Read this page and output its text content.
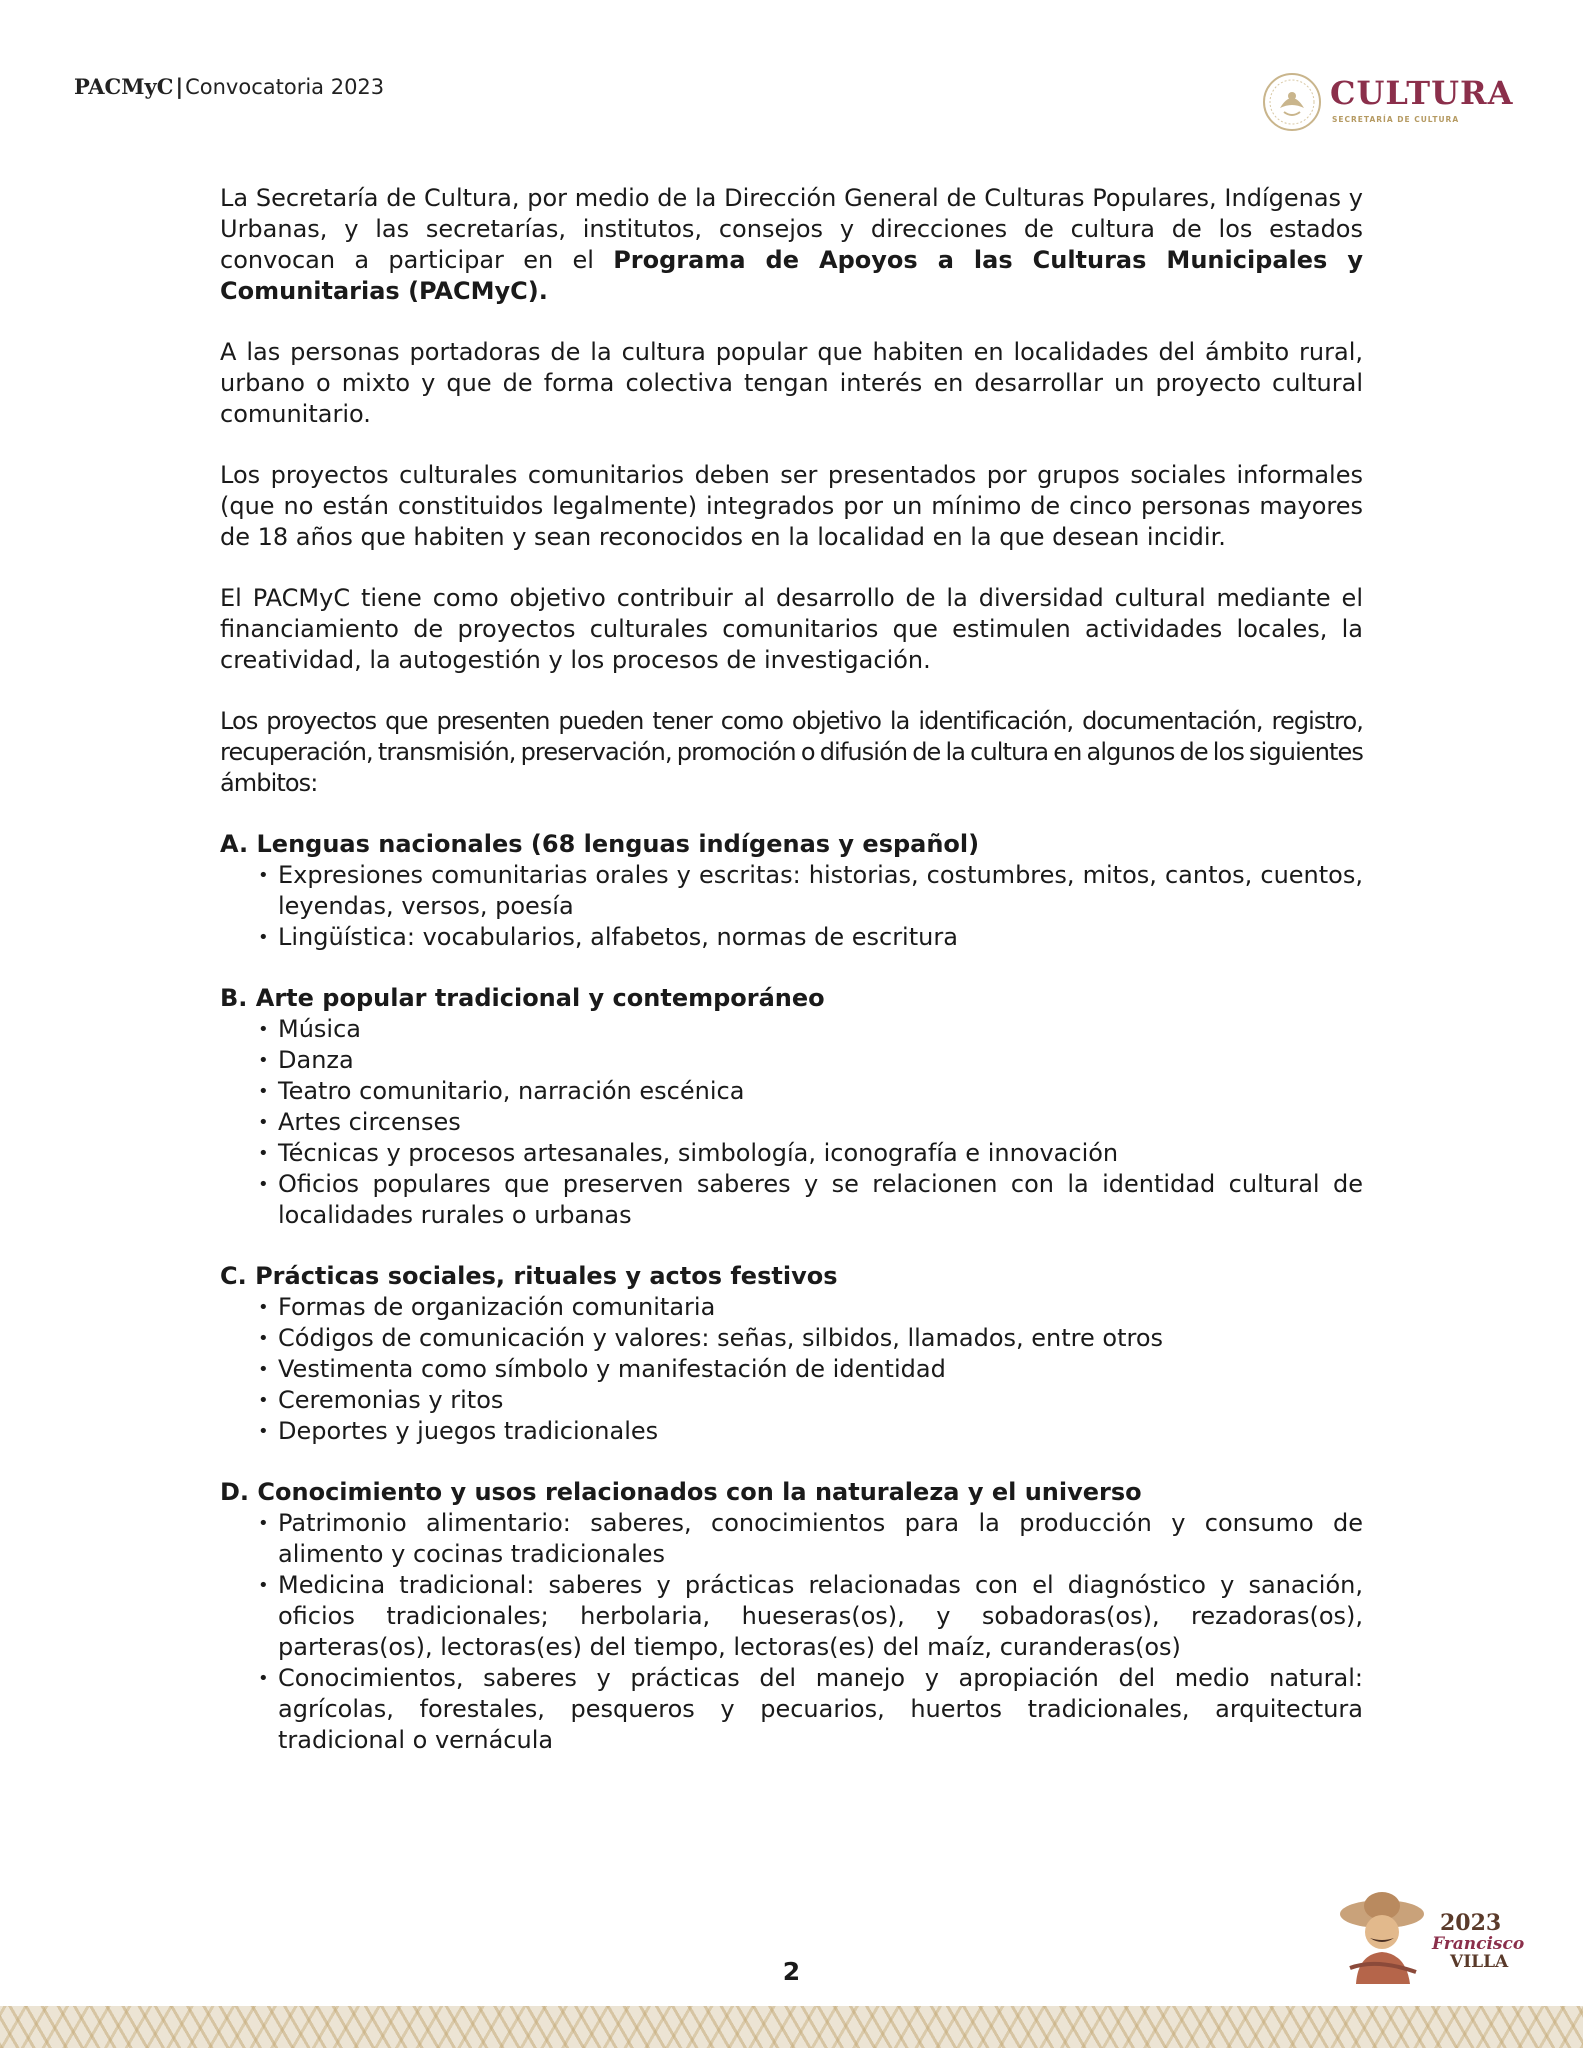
PACMyC|Convocatoria 2023	CULTURA
SECRETARÍA DE CULTURA

La Secretaría de Cultura, por medio de la Dirección General de Culturas Populares, Indígenas y Urbanas, y las secretarías, institutos, consejos y direcciones de cultura de los estados convocan a participar en el Programa de Apoyos a las Culturas Municipales y Comunitarias (PACMyC).

A las personas portadoras de la cultura popular que habiten en localidades del ámbito rural, urbano o mixto y que de forma colectiva tengan interés en desarrollar un proyecto cultural comunitario.

Los proyectos culturales comunitarios deben ser presentados por grupos sociales informales (que no están constituidos legalmente) integrados por un mínimo de cinco personas mayores de 18 años que habiten y sean reconocidos en la localidad en la que desean incidir.

El PACMyC tiene como objetivo contribuir al desarrollo de la diversidad cultural mediante el financiamiento de proyectos culturales comunitarios que estimulen actividades locales, la creatividad, la autogestión y los procesos de investigación.

Los proyectos que presenten pueden tener como objetivo la identificación, documentación, registro, recuperación, transmisión, preservación, promoción o difusión de la cultura en algunos de los siguientes ámbitos:

A. Lenguas nacionales (68 lenguas indígenas y español)
• Expresiones comunitarias orales y escritas: historias, costumbres, mitos, cantos, cuentos, leyendas, versos, poesía
• Lingüística: vocabularios, alfabetos, normas de escritura
B. Arte popular tradicional y contemporáneo
• Música
• Danza
• Teatro comunitario, narración escénica
• Artes circenses
• Técnicas y procesos artesanales, simbología, iconografía e innovación
• Oficios populares que preserven saberes y se relacionen con la identidad cultural de localidades rurales o urbanas
C. Prácticas sociales, rituales y actos festivos
• Formas de organización comunitaria
• Códigos de comunicación y valores: señas, silbidos, llamados, entre otros
• Vestimenta como símbolo y manifestación de identidad
• Ceremonias y ritos
• Deportes y juegos tradicionales
D. Conocimiento y usos relacionados con la naturaleza y el universo
• Patrimonio alimentario: saberes, conocimientos para la producción y consumo de alimento y cocinas tradicionales
• Medicina tradicional: saberes y prácticas relacionadas con el diagnóstico y sanación, oficios tradicionales; herbolaria, hueseras(os), y sobadoras(os), rezadoras(os), parteras(os), lectoras(es) del tiempo, lectoras(es) del maíz, curanderas(os)
• Conocimientos, saberes y prácticas del manejo y apropiación del medio natural: agrícolas, forestales, pesqueros y pecuarios, huertos tradicionales, arquitectura tradicional o vernácula
2023
Francisco
VILLA
2
